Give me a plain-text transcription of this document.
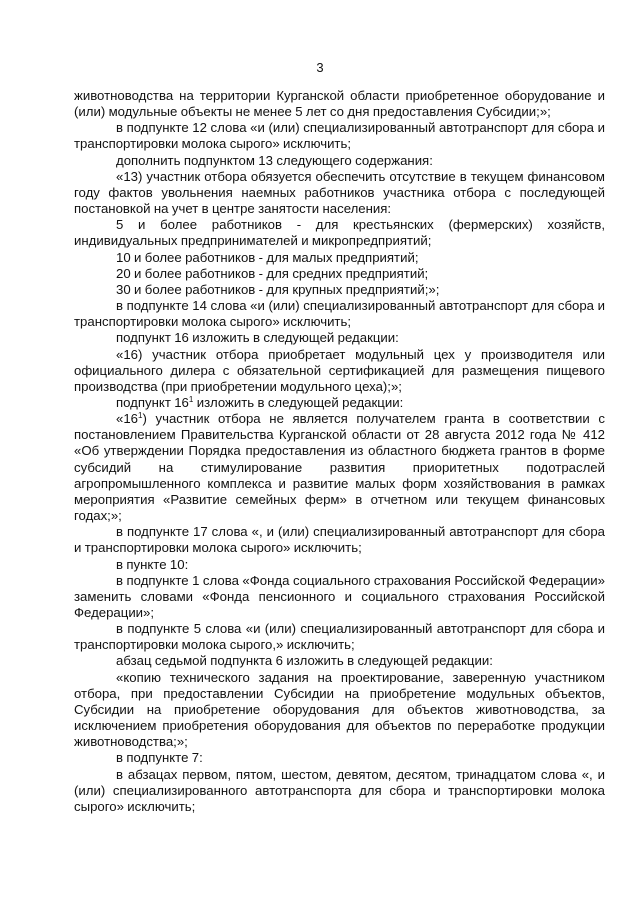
3

животноводства на территории Курганской области приобретенное оборудование и (или) модульные объекты не менее 5 лет со дня предоставления Субсидии;»;

в подпункте 12 слова «и (или) специализированный автотранспорт для сбора и транспортировки молока сырого» исключить;

дополнить подпунктом 13 следующего содержания:

«13) участник отбора обязуется обеспечить отсутствие в текущем финансовом году фактов увольнения наемных работников участника отбора с последующей постановкой на учет в центре занятости населения:

5 и более работников - для крестьянских (фермерских) хозяйств, индивидуальных предпринимателей и микропредприятий;

10 и более работников - для малых предприятий;

20 и более работников - для средних предприятий;

30 и более работников - для крупных предприятий;»;

в подпункте 14 слова «и (или) специализированный автотранспорт для сбора и транспортировки молока сырого» исключить;

подпункт 16 изложить в следующей редакции:

«16) участник отбора приобретает модульный цех у производителя или официального дилера с обязательной сертификацией для размещения пищевого производства (при приобретении модульного цеха);»;

подпункт $16^1$ изложить в следующей редакции:

«$16^1$) участник отбора не является получателем гранта в соответствии с постановлением Правительства Курганской области от 28 августа 2012 года № 412 «Об утверждении Порядка предоставления из областного бюджета грантов в форме субсидий на стимулирование развития приоритетных подотраслей агропромышленного комплекса и развитие малых форм хозяйствования в рамках мероприятия «Развитие семейных ферм» в отчетном или текущем финансовых годах;»;

в подпункте 17 слова «, и (или) специализированный автотранспорт для сбора и транспортировки молока сырого» исключить;

в пункте 10:

в подпункте 1 слова «Фонда социального страхования Российской Федерации» заменить словами «Фонда пенсионного и социального страхования Российской Федерации»;

в подпункте 5 слова «и (или) специализированный автотранспорт для сбора и транспортировки молока сырого,» исключить;

абзац седьмой подпункта 6 изложить в следующей редакции:

«копию технического задания на проектирование, заверенную участником отбора, при предоставлении Субсидии на приобретение модульных объектов, Субсидии на приобретение оборудования для объектов животноводства, за исключением приобретения оборудования для объектов по переработке продукции животноводства;»;

в подпункте 7:

в абзацах первом, пятом, шестом, девятом, десятом, тринадцатом слова «, и (или) специализированного автотранспорта для сбора и транспортировки молока сырого» исключить;
